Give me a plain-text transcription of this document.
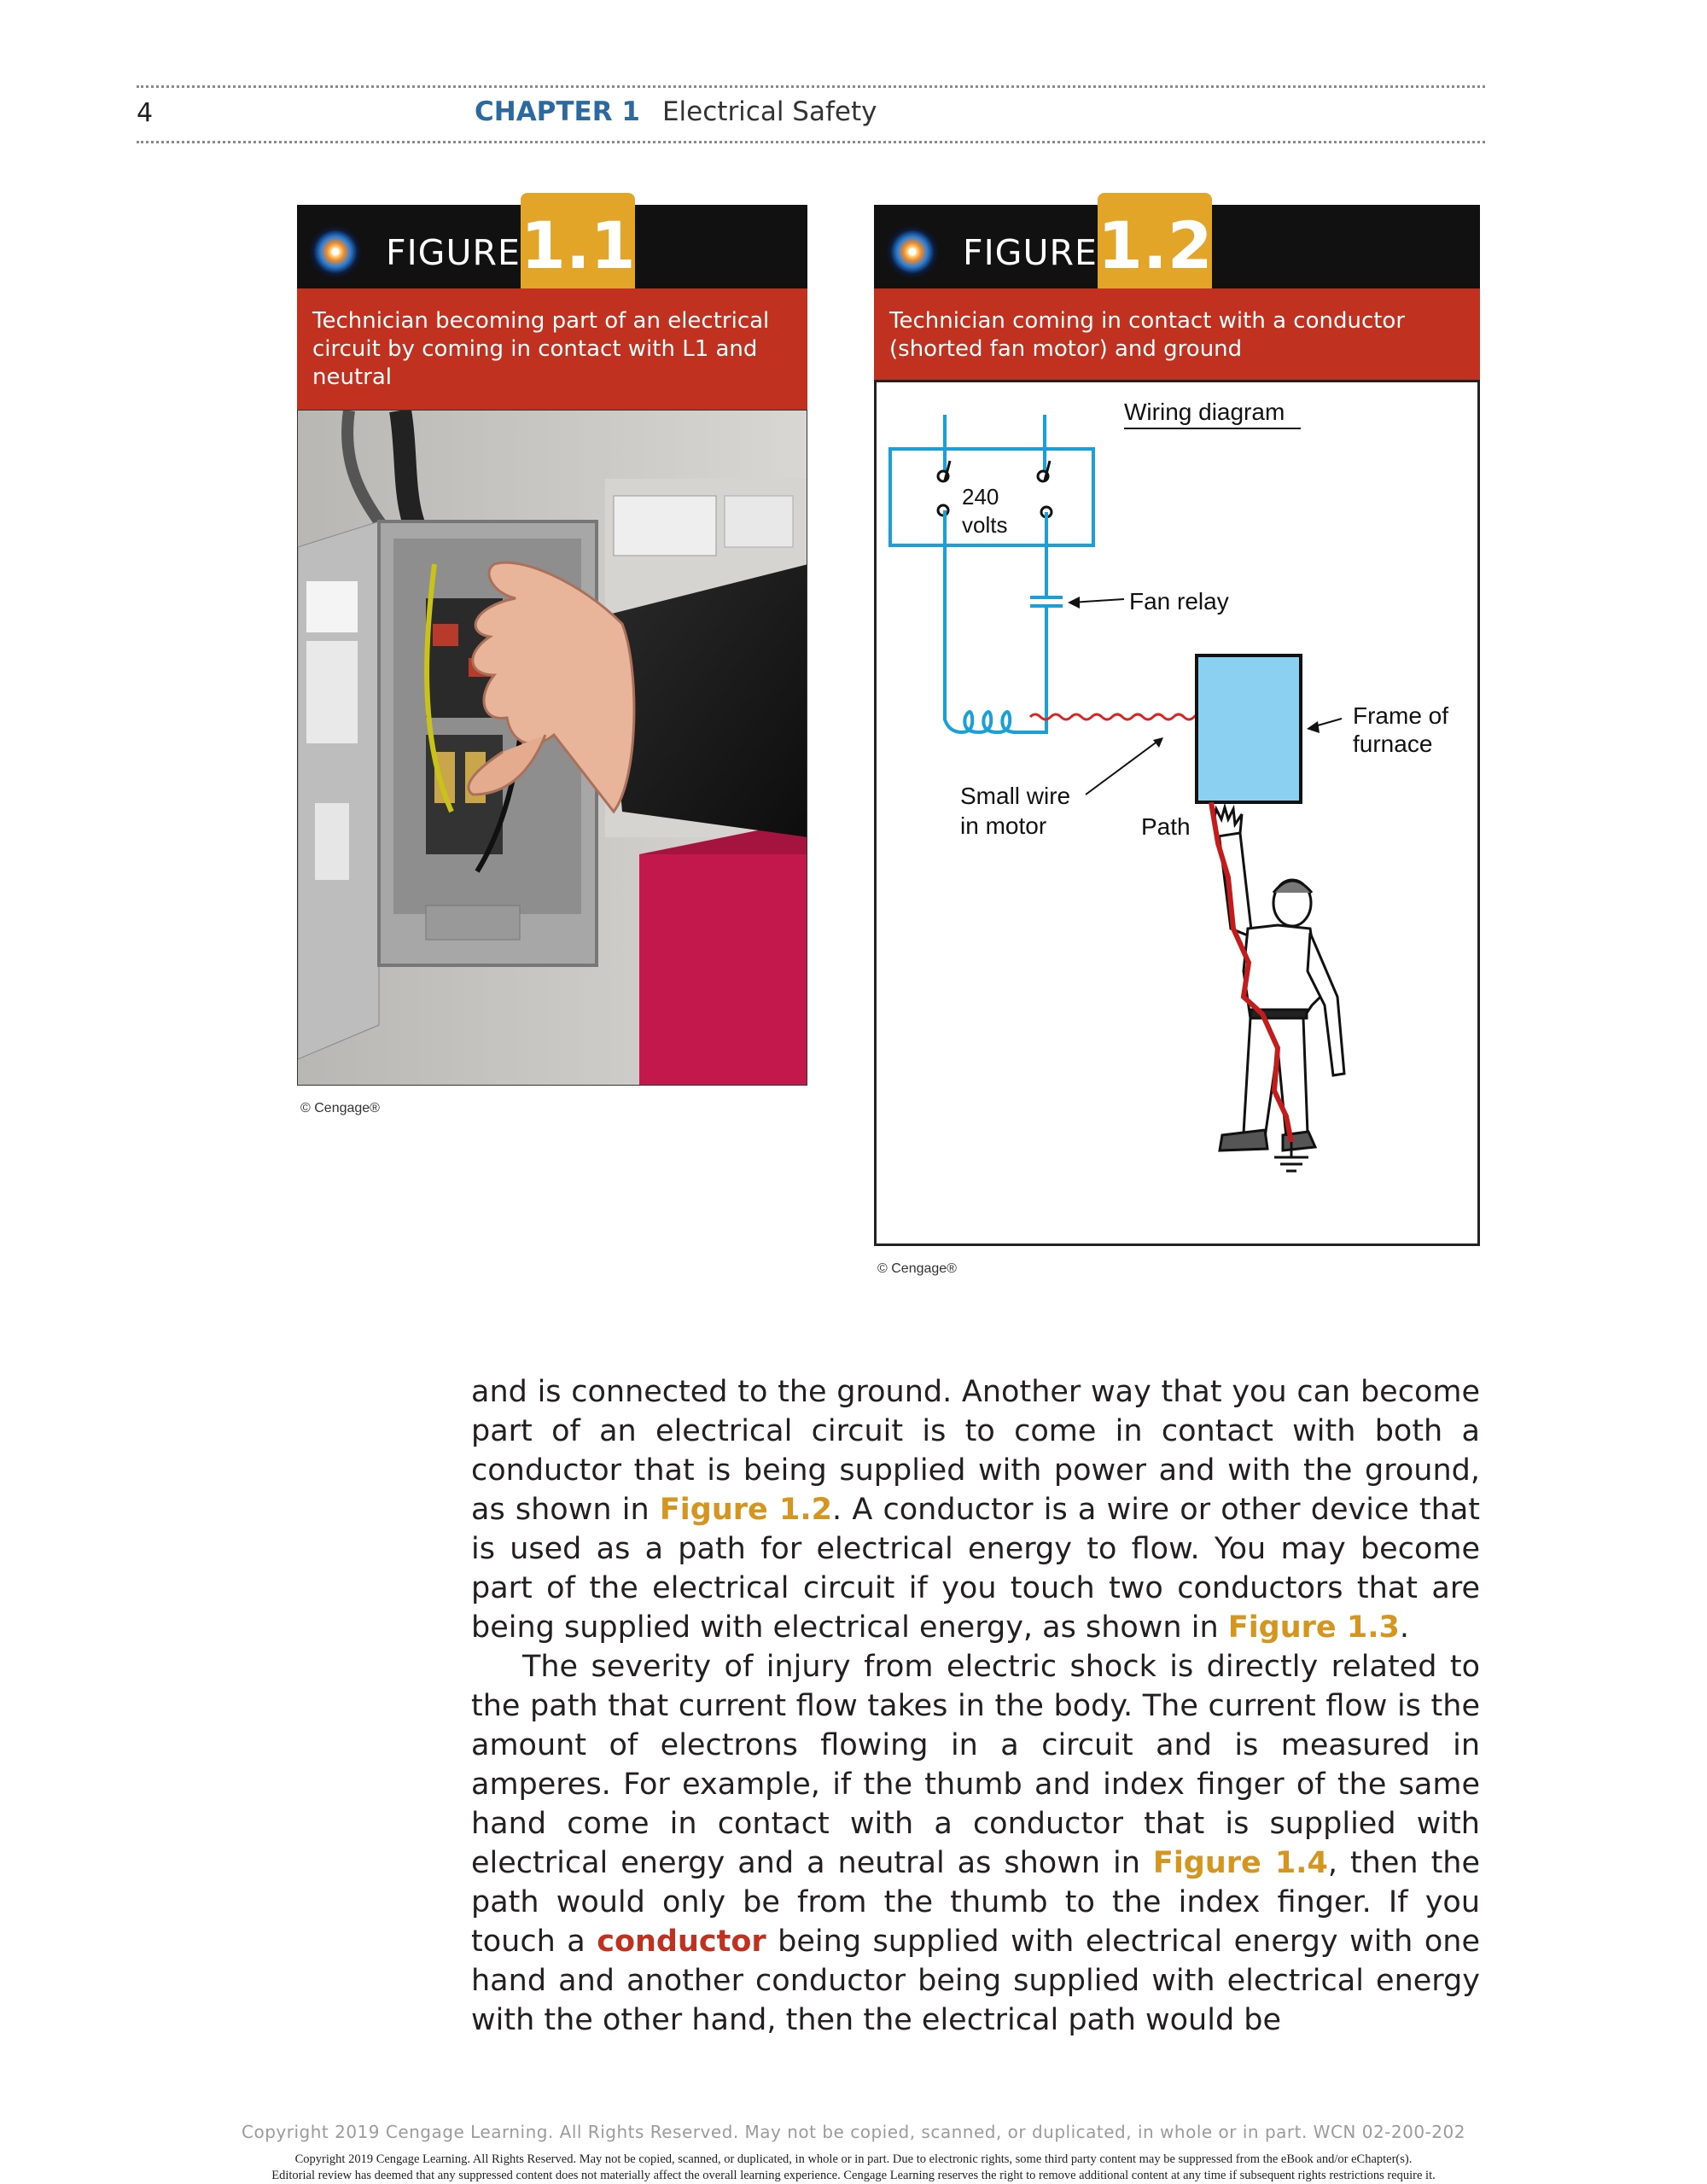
4	CHAPTER 1 Electrical Safety
FIGURE 1.1
Technician becoming part of an electrical circuit by coming in contact with L1 and neutral
© Cengage®
FIGURE 1.2
Technician coming in contact with a conductor (shorted fan motor) and ground
Wiring diagram
240
volts
Fan relay
Frame of
furnace
Small wire
in motor	Path
© Cengage®

and is connected to the ground. Another way that you can become part of an electrical circuit is to come in contact with both a conductor that is being supplied with power and with the ground, as shown in Figure 1.2. A conductor is a wire or other device that is used as a path for electrical energy to flow. You may become part of the electrical circuit if you touch two conductors that are being supplied with electrical energy, as shown in Figure 1.3.

The severity of injury from electric shock is directly related to the path that current flow takes in the body. The current flow is the amount of electrons flowing in a circuit and is measured in amperes. For example, if the thumb and index finger of the same hand come in contact with a conductor that is supplied with electrical energy and a neutral as shown in Figure 1.4, then the path would only be from the thumb to the index finger. If you touch a conductor being supplied with electrical energy with one hand and another conductor being supplied with electrical energy with the other hand, then the electrical path would be

Copyright 2019 Cengage Learning. All Rights Reserved. May not be copied, scanned, or duplicated, in whole or in part. WCN 02-200-202
Copyright 2019 Cengage Learning. All Rights Reserved. May not be copied, scanned, or duplicated, in whole or in part. Due to electronic rights, some third party content may be suppressed from the eBook and/or eChapter(s).
Editorial review has deemed that any suppressed content does not materially affect the overall learning experience. Cengage Learning reserves the right to remove additional content at any time if subsequent rights restrictions require it.
